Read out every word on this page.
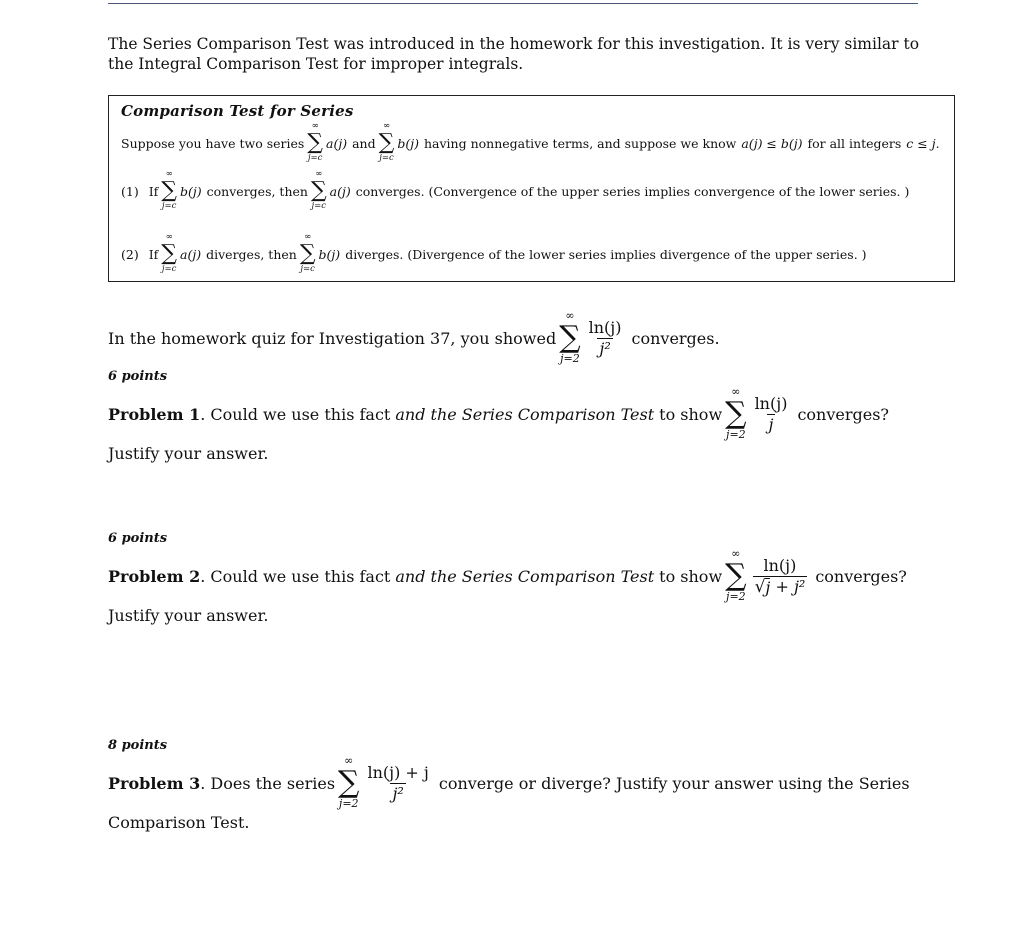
The Series Comparison Test was introduced in the homework for this investigation. It is very similar to the Integral Comparison Test for improper integrals.
Comparison Test for Series
Suppose you have two series
∞
∑
j=c
a(j) and
∞
∑
j=c
b(j) having nonnegative terms, and suppose we know a(j) ≤ b(j) for all integers c ≤ j.
(1) If
∞
∑
j=c
b(j) converges, then
∞
∑
j=c
a(j) converges. (Convergence of the upper series implies convergence of the lower series. )
(2) If
∞
∑
j=c
a(j) diverges, then
∞
∑
j=c
b(j) diverges. (Divergence of the lower series implies divergence of the upper series. )
In the homework quiz for Investigation 37, you showed
∞
∑
$j=2 \frac{\ln(j)}{\text{j²}}$ converges.
6 points
Problem 1 . Could we use this fact and the Series Comparison Test to show
∞
∑
$j=2 \frac{\ln(j)}{j}$ converges?
Justify your answer.
6 points
Problem 2 . Could we use this fact and the Series Comparison Test to show
∞
∑
$j=2 \frac{\ln(j)}{\text{√ j + j²}}$ converges?
Justify your answer.
8 points
Problem 3 . Does the series
∞
∑
$j=2 \frac{\ln(j) + j}{\text{j²}}$ converge or diverge? Justify your answer using the Series
Comparison Test.
